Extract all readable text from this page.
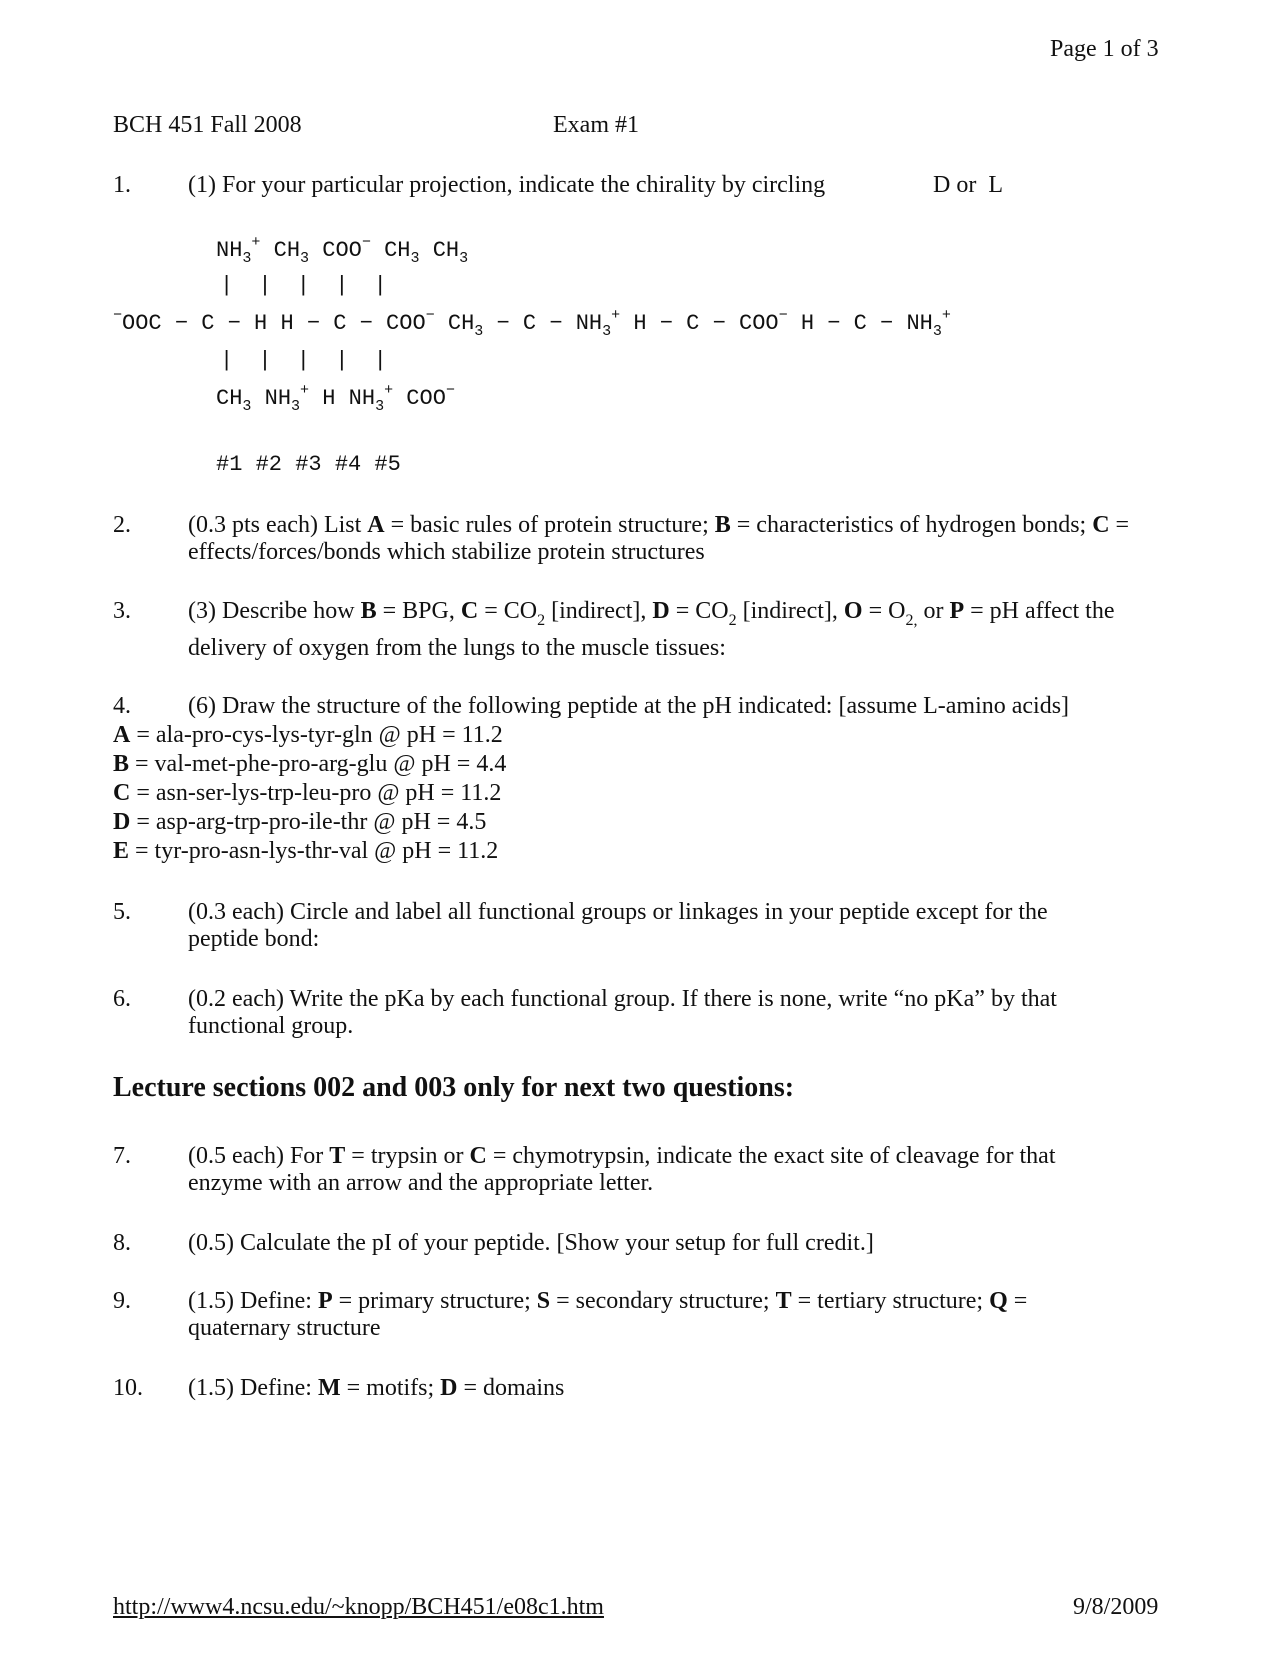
Page 1 of 3
BCH 451 Fall 2008	Exam #1
1. (1) For your particular projection, indicate the chirality by circling	D or  L
$NH_3^+$ $CH_3$ COO− $CH_3$ $CH_3$
| | | | |
−OOC − C − H H − C − COO− $CH_3 - C - NH_3^+$ H − C − COO− $H - C - NH_3^+$
| | | | |
$CH_3$ $NH_3^+$ H $NH_3^+$ COO−
#1 #2 #3 #4 #5
2. (0.3 pts each) List A = basic rules of protein structure; B = characteristics of hydrogen bonds; C = effects/forces/bonds which stabilize protein structures
3. (3) Describe how B = BPG, $C = CO_2$ [indirect], $D = CO_2$ [indirect], $O = O_{2,}$ or P = pH affect the
delivery of oxygen from the lungs to the muscle tissues:
4. (6) Draw the structure of the following peptide at the pH indicated: [assume L-amino acids]
A = ala-pro-cys-lys-tyr-gln @ pH = 11.2
B = val-met-phe-pro-arg-glu @ pH = 4.4
C = asn-ser-lys-trp-leu-pro @ pH = 11.2
D = asp-arg-trp-pro-ile-thr @ pH = 4.5
E = tyr-pro-asn-lys-thr-val @ pH = 11.2
5. (0.3 each) Circle and label all functional groups or linkages in your peptide except for the peptide bond:
6. (0.2 each) Write the pKa by each functional group. If there is none, write “no pKa” by that functional group.
Lecture sections 002 and 003 only for next two questions:
7. (0.5 each) For T = trypsin or C = chymotrypsin, indicate the exact site of cleavage for that enzyme with an arrow and the appropriate letter.
8. (0.5) Calculate the pI of your peptide. [Show your setup for full credit.]
9. (1.5) Define: P = primary structure; S = secondary structure; T = tertiary structure; Q = quaternary structure
10. (1.5) Define: M = motifs; D = domains
http://www4.ncsu.edu/~knopp/BCH451/e08c1.htm	9/8/2009
